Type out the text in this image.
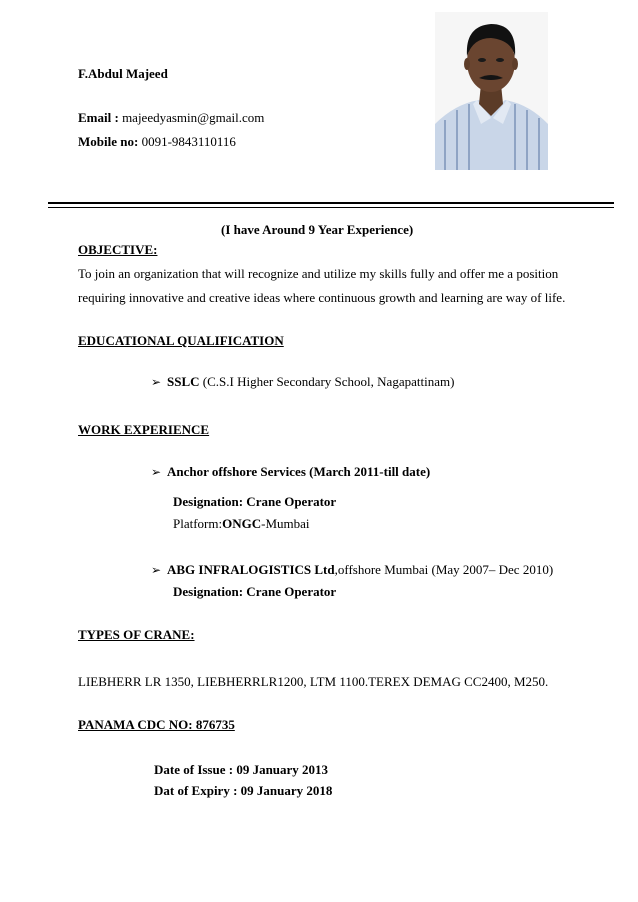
F.Abdul Majeed
Email : majeedyasmin@gmail.com
Mobile no: 0091-9843110116
(I have Around 9 Year Experience)
OBJECTIVE:
To join an organization that will recognize and utilize my skills fully and offer me a position
requiring innovative and creative ideas where continuous growth and learning are way of life.
EDUCATIONAL QUALIFICATION
➢ SSLC (C.S.I Higher Secondary School, Nagapattinam)
WORK EXPERIENCE
➢ Anchor offshore Services (March 2011-till date)
Designation: Crane Operator
Platform:ONGC-Mumbai
➢ ABG INFRALOGISTICS Ltd,offshore Mumbai (May 2007– Dec 2010)
Designation: Crane Operator
TYPES OF CRANE:
LIEBHERR LR 1350, LIEBHERRLR1200, LTM 1100.TEREX DEMAG CC2400, M250.
PANAMA CDC NO: 876735
Date of Issue : 09 January 2013
Dat of Expiry : 09 January 2018
